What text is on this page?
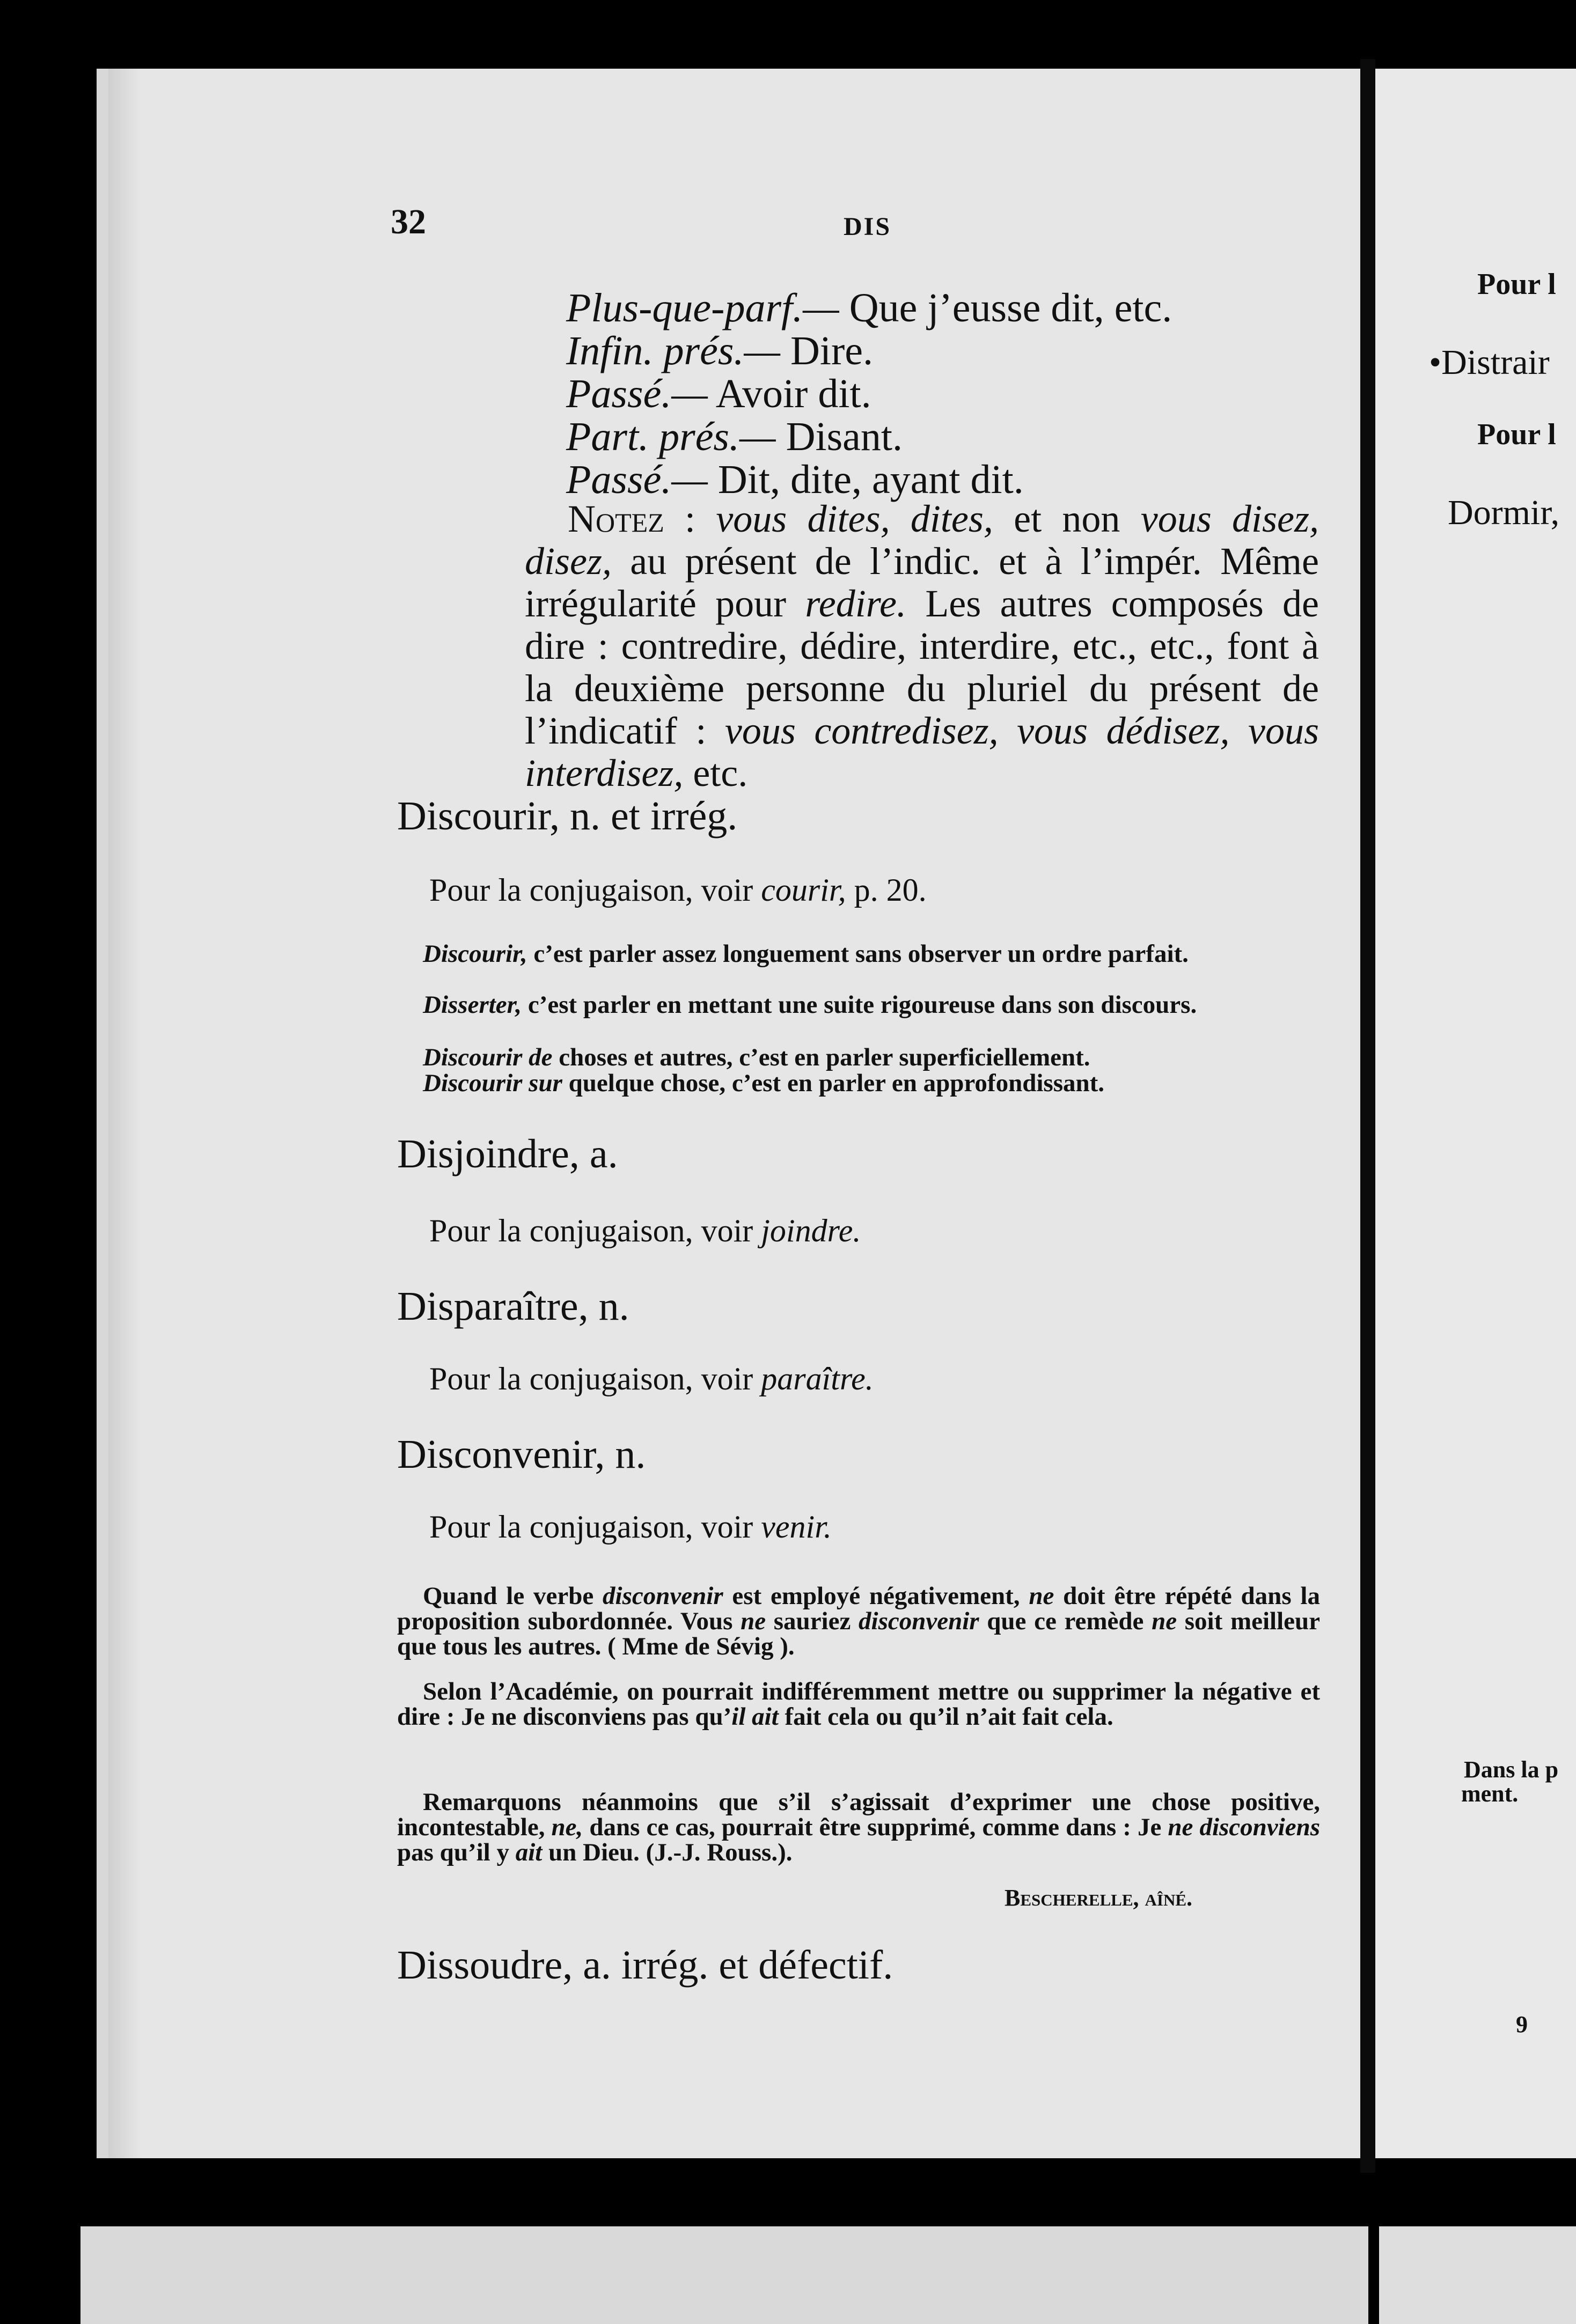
Pour l
•Distrair
Pour l
Dormir,
Dans la p
ment.
9
32	DIS
Plus-que-parf.— Que j’eusse dit, etc.
Infin. prés.— Dire.
Passé.— Avoir dit.
Part. prés.— Disant.
Passé.— Dit, dite, ayant dit.
Notez : vous dites, dites, et non vous disez, disez, au présent de l’indic. et à l’impér. Même irrégularité pour redire. Les autres composés de dire : contredire, dédire, interdire, etc., etc., font à la deuxième personne du pluriel du présent de l’indicatif : vous contredisez, vous dédisez, vous interdisez, etc.
Discourir, n. et irrég.
Pour la conjugaison, voir courir, p. 20.
Discourir, c’est parler assez longuement sans observer un ordre parfait.
Disserter, c’est parler en mettant une suite rigoureuse dans son discours.
Discourir de choses et autres, c’est en parler superficiellement.
Discourir sur quelque chose, c’est en parler en approfondissant.
Disjoindre, a.
Pour la conjugaison, voir joindre.
Disparaître, n.
Pour la conjugaison, voir paraître.
Disconvenir, n.
Pour la conjugaison, voir venir.
Quand le verbe disconvenir est employé négativement, ne doit être répété dans la proposition subordonnée. Vous ne sauriez disconvenir que ce remède ne soit meilleur que tous les autres. ( Mme de Sévig ).
Selon l’Académie, on pourrait indifféremment mettre ou supprimer la négative et dire : Je ne disconviens pas qu’il ait fait cela ou qu’il n’ait fait cela.
Remarquons néanmoins que s’il s’agissait d’exprimer une chose positive, incontestable, ne, dans ce cas, pourrait être supprimé, comme dans : Je ne disconviens pas qu’il y ait un Dieu. (J.-J. Rouss.).
Bescherelle, aîné.
Dissoudre, a. irrég. et défectif.
